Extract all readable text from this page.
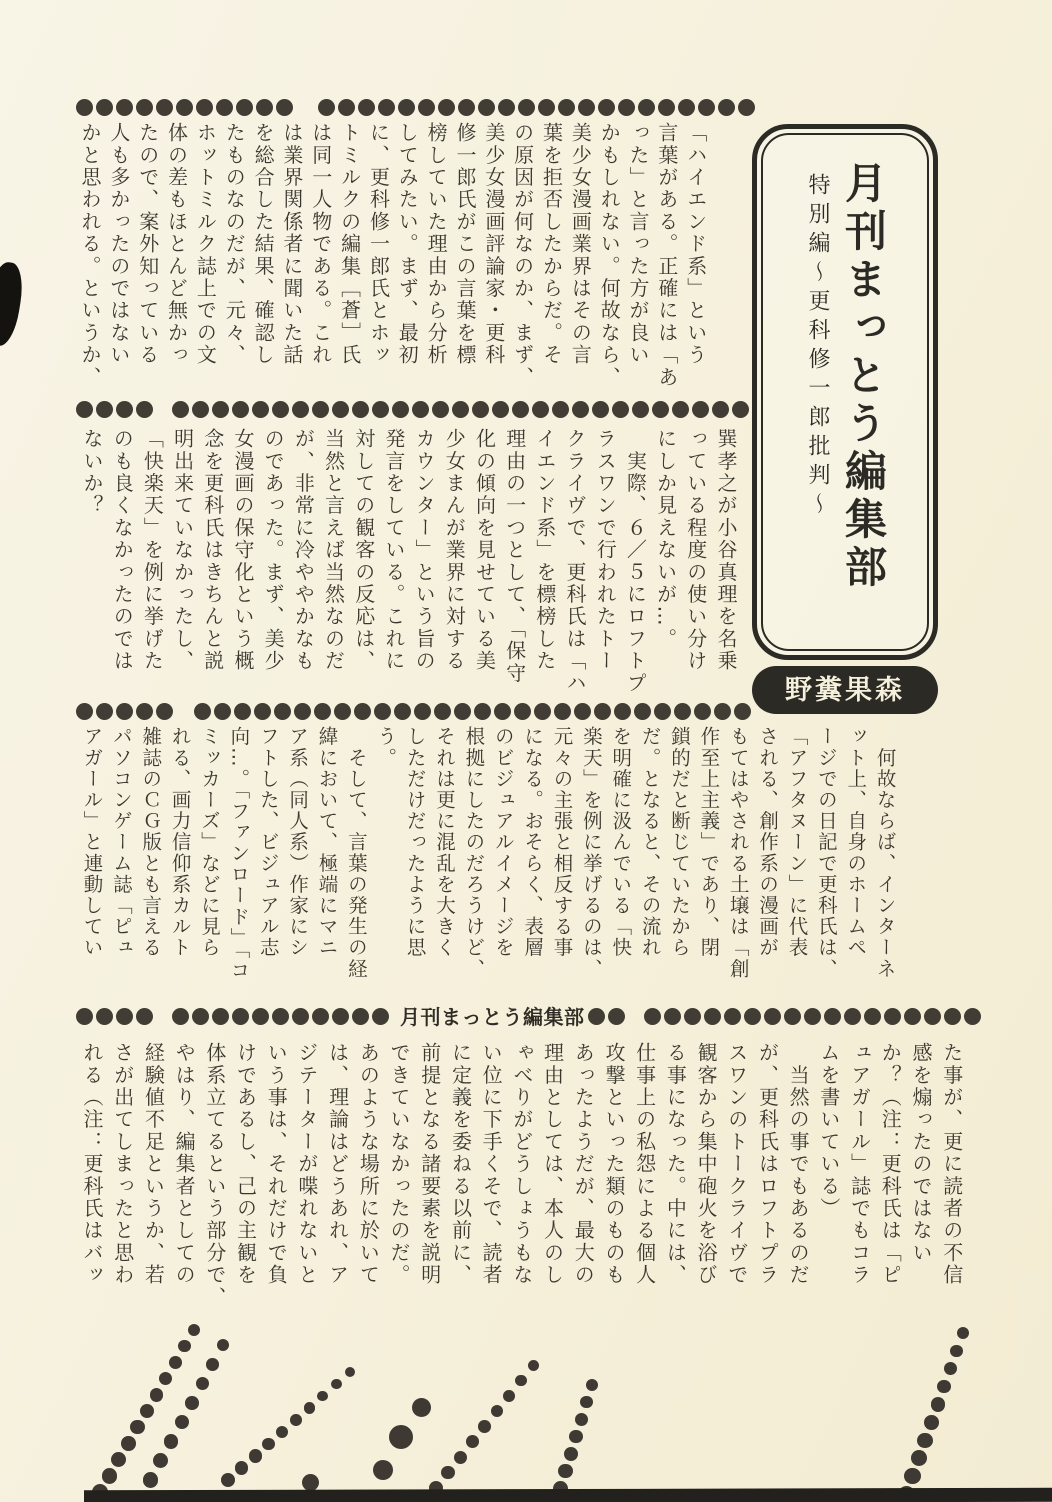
月刊まっとう編集部
「ハイエンド系」という
言葉がある。正確には「あ
った」と言った方が良い
かもしれない。何故なら、
美少女漫画業界はその言
葉を拒否したからだ。そ
の原因が何なのか、まず、
美少女漫画評論家・更科
修一郎氏がこの言葉を標
榜していた理由から分析
してみたい。まず、最初
に、更科修一郎氏とホッ
トミルクの編集［蒼］氏
は同一人物である。これ
は業界関係者に聞いた話
を総合した結果、確認し
たものなのだが、元々、
ホットミルク誌上での文
体の差もほとんど無かっ
たので、案外知っている
人も多かったのではない
かと思われる。というか、
巽孝之が小谷真理を名乗
っている程度の使い分け
にしか見えないが…。
　実際、６／５にロフトプ
ラスワンで行われたトー
クライヴで、更科氏は「ハ
イエンド系」を標榜した
理由の一つとして、「保守
化の傾向を見せている美
少女まんが業界に対する
カウンター」という旨の
発言をしている。これに
対しての観客の反応は、
当然と言えば当然なのだ
が、非常に冷ややかなも
のであった。まず、美少
女漫画の保守化という概
念を更科氏はきちんと説
明出来ていなかったし、
「快楽天」を例に挙げた
のも良くなかったのでは
ないか？
　何故ならば、インターネ
ット上、自身のホームペ
ージでの日記で更科氏は、
「アフタヌーン」に代表
される、創作系の漫画が
もてはやされる土壌は「創
作至上主義」であり、閉
鎖的だと断じていたから
だ。となると、その流れ
を明確に汲んでいる「快
楽天」を例に挙げるのは、
元々の主張と相反する事
になる。おそらく、表層
のビジュアルイメージを
根拠にしたのだろうけど、
それは更に混乱を大きく
しただけだったように思
う。
　そして、言葉の発生の経
緯において、極端にマニ
ア系（同人系）作家にシ
フトした、ビジュアル志
向…。「ファンロード」「コ
ミッカーズ」などに見ら
れる、画力信仰系カルト
雑誌のＣＧ版とも言える
パソコンゲーム誌「ピュ
アガール」と連動してい
た事が、更に読者の不信
感を煽ったのではない
か？（注：更科氏は「ピ
ュアガール」誌でもコラ
ムを書いている）
　当然の事でもあるのだ
が、更科氏はロフトプラ
スワンのトークライヴで
観客から集中砲火を浴び
る事になった。中には、
仕事上の私怨による個人
攻撃といった類のものも
あったようだが、最大の
理由としては、本人のし
ゃべりがどうしょうもな
い位に下手くそで、読者
に定義を委ねる以前に、
前提となる諸要素を説明
できていなかったのだ。
あのような場所に於いて
は、理論はどうあれ、ア
ジテーターが喋れないと
いう事は、それだけで負
けであるし、己の主観を
体系立てるという部分で、
やはり、編集者としての
経験値不足というか、若
さが出てしまったと思わ
れる（注：更科氏はバッ
月刊まっとう編集部
特別編～更科修一郎批判～
野糞果森
